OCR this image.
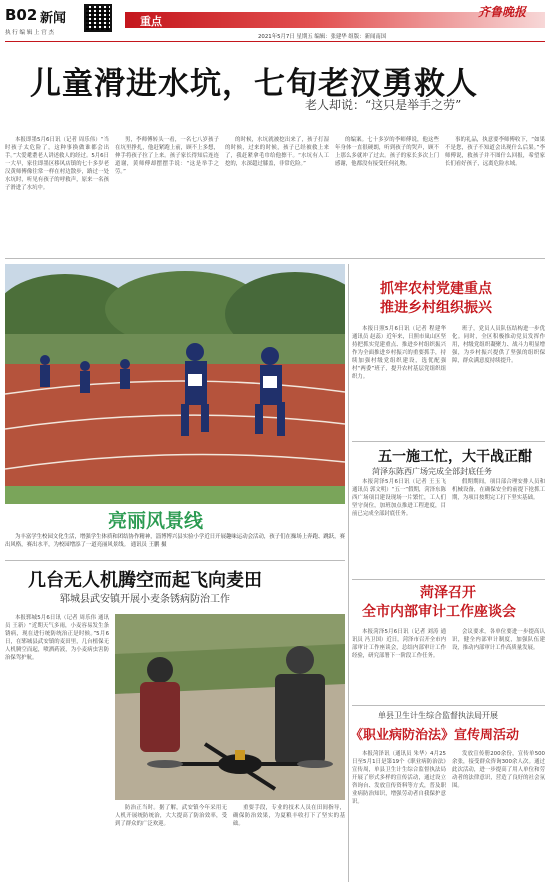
B02 新闻
执 行 编 辑 上 官 杰
重点
齐鲁晚报
2021年5月7日 星期五 编辑：张建华 组版：新闻南国
儿童滑进水坑，七旬老汉勇救人
老人却说：“这只是举手之劳”

本报即墨5月6日讯（记者 周乐伟）“当时孩子太危险了，这种事换做谁都会出手。”大爱耄耋老人讲述救人的经过。5月6日一大早，家住即墨区移风店镇的七十多岁老汉黄师傅像往常一样在村边散步，路过一处水坑时，听见有孩子的呼救声，原来一名孩子滑进了水坑中。

男，李师傅转头一看，一名七八岁孩子在坑里挣扎，他赶紧跑上前，顾不上多想，伸手将孩子拉了上来。孩子家长得知后连连道谢，黄师傅却摆摆手说：“这是举手之劳。”

的时候，水坑就被挖出来了，孩子打湿的时候，过来的时候，孩子已经被救上来了，我赶紧拿毛巾给他擦干。“水坑有人工挖的，水深超过膝盖，非常危险。”

的编案。七十多岁的李师傅说，他这些年身体一直很硬朗，听到孩子的哭声，顾不上那么多就冲了过去。孩子的家长多次上门感谢，他都没有接受任何礼物。

事的礼品，执意要李师傅收下，“如果不是您，孩子不知道会出现什么后果。”李师傅说，救孩子并不图什么回报，希望家长们看好孩子，远离危险水域。

亮丽风景线

为丰富学生校园文化生活，增强学生体质和团结协作精神，淄博博兴县实验小学近日开展趣味运动会活动，孩子们在操场上奔跑、跳跃，赛出风格，赛出水平，为校园增添了一道亮丽风景线。 通讯员 王鹏 摄

抓牢农村党建重点
推进乡村组织振兴

本报日照5月6日讯（记者 程建华 通讯员 赵蕊）近年来，日照市岚山区坚持把抓实党建重点、推进乡村组织振兴作为全面推进乡村振兴的重要抓手，持续加强村级党组织建设，选优配强村“两委”班子，提升农村基层党组织组织力。

班子，党员人员队伍结构进一步优化。同时，全区积极推动党员发挥作用，村级党组织凝聚力、战斗力明显增强，为乡村振兴提供了坚强的组织保障，群众满意度持续提升。

五一施工忙，大干战正酣
菏泽东陈西广场完成全部封底任务

本报菏泽5月6日讯（记者 王玉飞 通讯员 郭文明）“五一”假期，菏泽东陈西广场项目建设现场一片繁忙，工人们坚守岗位，加班加点推进工程进度，目前已完成全部封底任务。

假期期间，项目部合理安排人员和机械设备，在确保安全的前提下抢抓工期，为项目按期完工打下坚实基础。

菏泽召开
全市内部审计工作座谈会

本报菏泽5月6日讯（记者 刘涛 通讯员 冯卫国）近日，菏泽市召开全市内部审计工作座谈会，总结内部审计工作经验，研究部署下一阶段工作任务。

会议要求，各单位要进一步提高认识，健全内部审计制度，加强队伍建设，推动内部审计工作高质量发展。

几台无人机腾空而起飞向麦田
郓城县武安镇开展小麦条锈病防治工作

本报郓城5月6日讯（记者 周乐伟 通讯员 王新）“近期天气多雨，小麦容易发生条锈病，现在进行统防统治正是时候。”5月6日，在郓城县武安镇的麦田里，几台植保无人机腾空而起，喷洒药液，为小麦病虫害防治保驾护航。

防治正当时。据了解，武安镇今年采用无人机开展统防统治，大大提高了防治效率，受到了群众的广泛欢迎。

重要手段，专业的技术人员在田间指导，确保防治效果，为夏粮丰收打下了坚实的基础。

单县卫生计生综合监督执法局开展
《职业病防治法》宣传周活动

本报菏泽讯（通讯员 朱华）4月25日至5月1日是第19个《职业病防治法》宣传周，单县卫生计生综合监督执法局开展了形式多样的宣传活动，通过设立咨询台、发放宣传资料等方式，普及职业病防治知识，增强劳动者自我保护意识。

发放宣传册200余份，宣传单500余张，接受群众咨询300余人次。通过此次活动，进一步提高了用人单位和劳动者的法律意识，营造了良好的社会氛围。
